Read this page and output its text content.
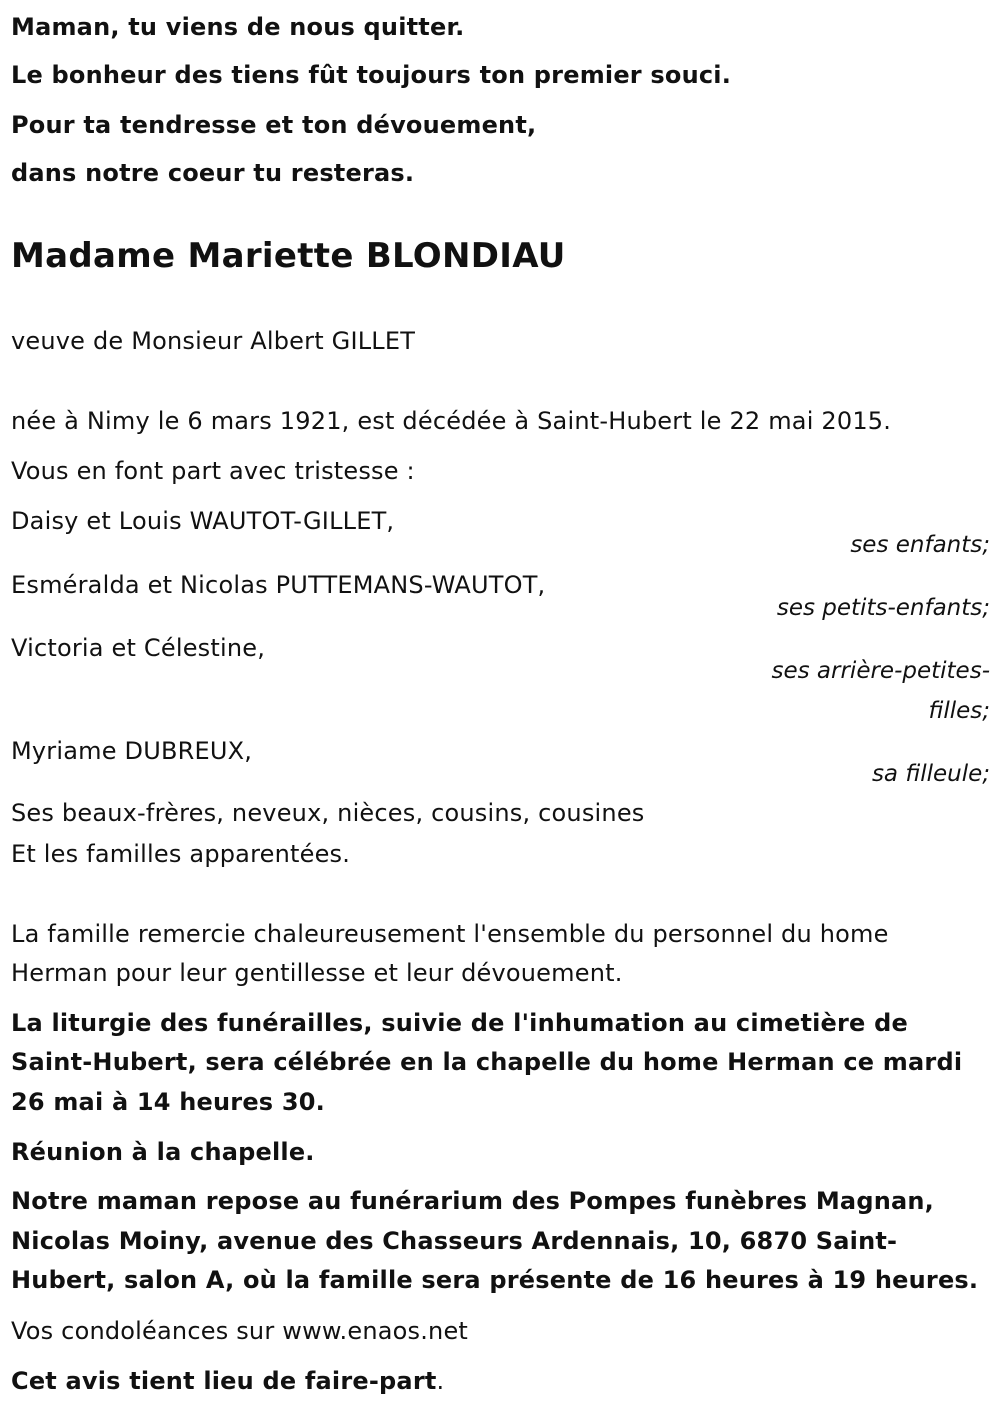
Maman, tu viens de nous quitter.
Le bonheur des tiens fût toujours ton premier souci.
Pour ta tendresse et ton dévouement,
dans notre coeur tu resteras.
Madame Mariette BLONDIAU
veuve de Monsieur Albert GILLET
née à Nimy le 6 mars 1921, est décédée à Saint-Hubert le 22 mai 2015.
Vous en font part avec tristesse :
Daisy et Louis WAUTOT-GILLET,
ses enfants;
Esméralda et Nicolas PUTTEMANS-WAUTOT,
ses petits-enfants;
Victoria et Célestine,
ses arrière-petites-
filles;
Myriame DUBREUX,
sa filleule;
Ses beaux-frères, neveux, nièces, cousins, cousines
Et les familles apparentées.
La famille remercie chaleureusement l'ensemble du personnel du home
Herman pour leur gentillesse et leur dévouement.
La liturgie des funérailles, suivie de l'inhumation au cimetière de
Saint-Hubert, sera célébrée en la chapelle du home Herman ce mardi
26 mai à 14 heures 30.
Réunion à la chapelle.
Notre maman repose au funérarium des Pompes funèbres Magnan,
Nicolas Moiny, avenue des Chasseurs Ardennais, 10, 6870 Saint-
Hubert, salon A, où la famille sera présente de 16 heures à 19 heures.
Vos condoléances sur www.enaos.net
Cet avis tient lieu de faire-part.
